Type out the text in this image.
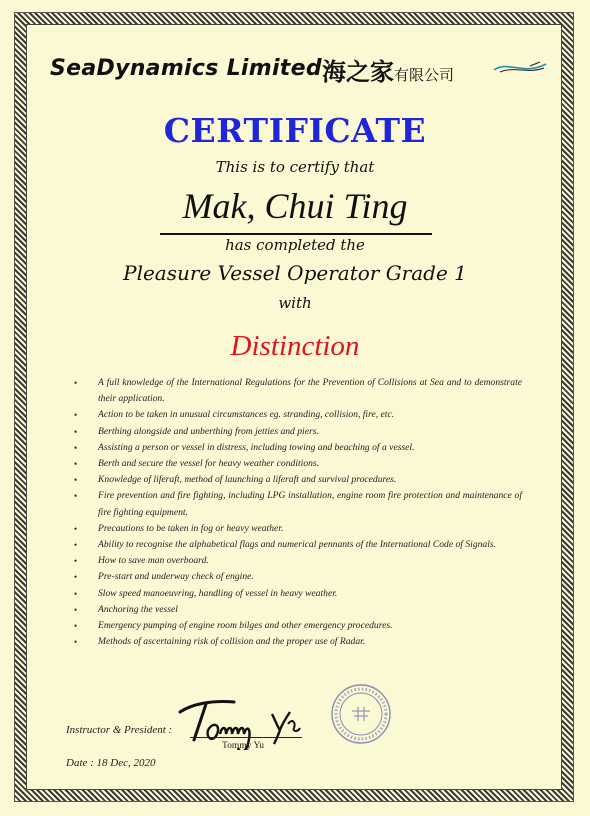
SeaDynamics Limited 海之家有限公司
CERTIFICATE
This is to certify that
Mak, Chui Ting
has completed the
Pleasure Vessel Operator Grade 1
with
Distinction
• A full knowledge of the International Regulations for the Prevention of Collisions at Sea and to demonstrate their application.
• Action to be taken in unusual circumstances eg. stranding, collision, fire, etc.
• Berthing alongside and unberthing from jetties and piers.
• Assisting a person or vessel in distress, including towing and beaching of a vessel.
• Berth and secure the vessel for heavy weather conditions.
• Knowledge of liferaft, method of launching a liferaft and survival procedures.
• Fire prevention and fire fighting, including LPG installation, engine room fire protection and maintenance of fire fighting equipment.
• Precautions to be taken in fog or heavy weather.
• Ability to recognise the alphabetical flags and numerical pennants of the International Code of Signals.
• How to save man overboard.
• Pre-start and underway check of engine.
• Slow speed manoeuvring, handling of vessel in heavy weather.
• Anchoring the vessel
• Emergency pumping of engine room bilges and other emergency procedures.
• Methods of ascertaining risk of collision and the proper use of Radar.
Instructor & President :
Tommy Yu
Date : 18 Dec, 2020
